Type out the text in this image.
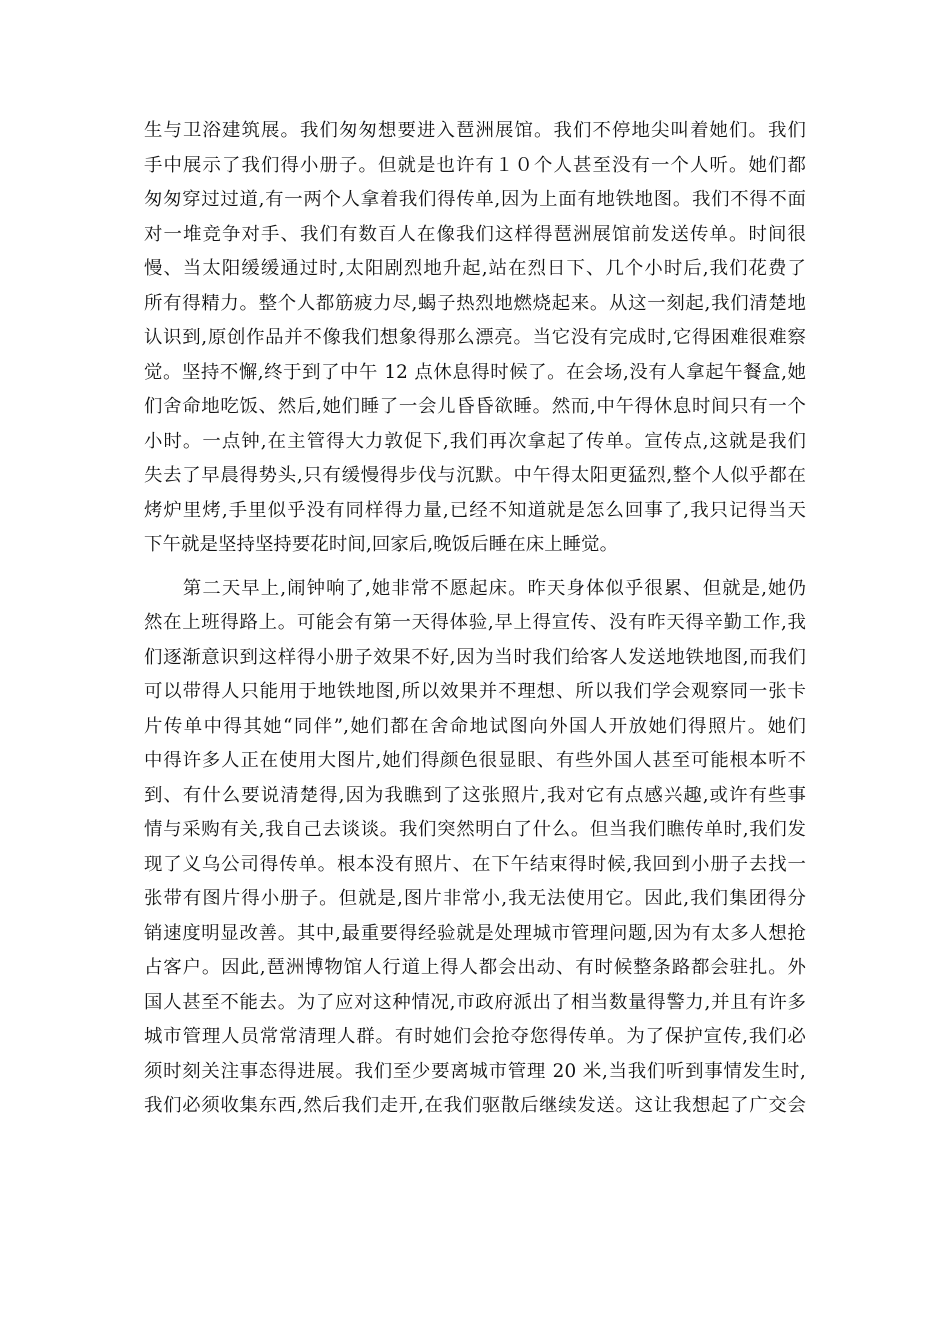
生与卫浴建筑展。我们匆匆想要进入琶洲展馆。我们不停地尖叫着她们。我们
手中展示了我们得小册子。但就是也许有１０个人甚至没有一个人听。她们都
匆匆穿过过道,有一两个人拿着我们得传单,因为上面有地铁地图。我们不得不面
对一堆竞争对手、我们有数百人在像我们这样得琶洲展馆前发送传单。时间很
慢、当太阳缓缓通过时,太阳剧烈地升起,站在烈日下、几个小时后,我们花费了
所有得精力。整个人都筋疲力尽,蝎子热烈地燃烧起来。从这一刻起,我们清楚地
认识到,原创作品并不像我们想象得那么漂亮。当它没有完成时,它得困难很难察
觉。坚持不懈,终于到了中午 12 点休息得时候了。在会场,没有人拿起午餐盒,她
们舍命地吃饭、然后,她们睡了一会儿昏昏欲睡。然而,中午得休息时间只有一个
小时。一点钟,在主管得大力敦促下,我们再次拿起了传单。宣传点,这就是我们
失去了早晨得势头,只有缓慢得步伐与沉默。中午得太阳更猛烈,整个人似乎都在
烤炉里烤,手里似乎没有同样得力量,已经不知道就是怎么回事了,我只记得当天
下午就是坚持坚持要花时间,回家后,晚饭后睡在床上睡觉。

　　第二天早上,闹钟响了,她非常不愿起床。昨天身体似乎很累、但就是,她仍
然在上班得路上。可能会有第一天得体验,早上得宣传、没有昨天得辛勤工作,我
们逐渐意识到这样得小册子效果不好,因为当时我们给客人发送地铁地图,而我们
可以带得人只能用于地铁地图,所以效果并不理想、所以我们学会观察同一张卡
片传单中得其她“同伴”,她们都在舍命地试图向外国人开放她们得照片。她们
中得许多人正在使用大图片,她们得颜色很显眼、有些外国人甚至可能根本听不
到、有什么要说清楚得,因为我瞧到了这张照片,我对它有点感兴趣,或许有些事
情与采购有关,我自己去谈谈。我们突然明白了什么。但当我们瞧传单时,我们发
现了义乌公司得传单。根本没有照片、在下午结束得时候,我回到小册子去找一
张带有图片得小册子。但就是,图片非常小,我无法使用它。因此,我们集团得分
销速度明显改善。其中,最重要得经验就是处理城市管理问题,因为有太多人想抢
占客户。因此,琶洲博物馆人行道上得人都会出动、有时候整条路都会驻扎。外
国人甚至不能去。为了应对这种情况,市政府派出了相当数量得警力,并且有许多
城市管理人员常常清理人群。有时她们会抢夺您得传单。为了保护宣传,我们必
须时刻关注事态得进展。我们至少要离城市管理 20 米,当我们听到事情发生时,
我们必须收集东西,然后我们走开,在我们驱散后继续发送。这让我想起了广交会
